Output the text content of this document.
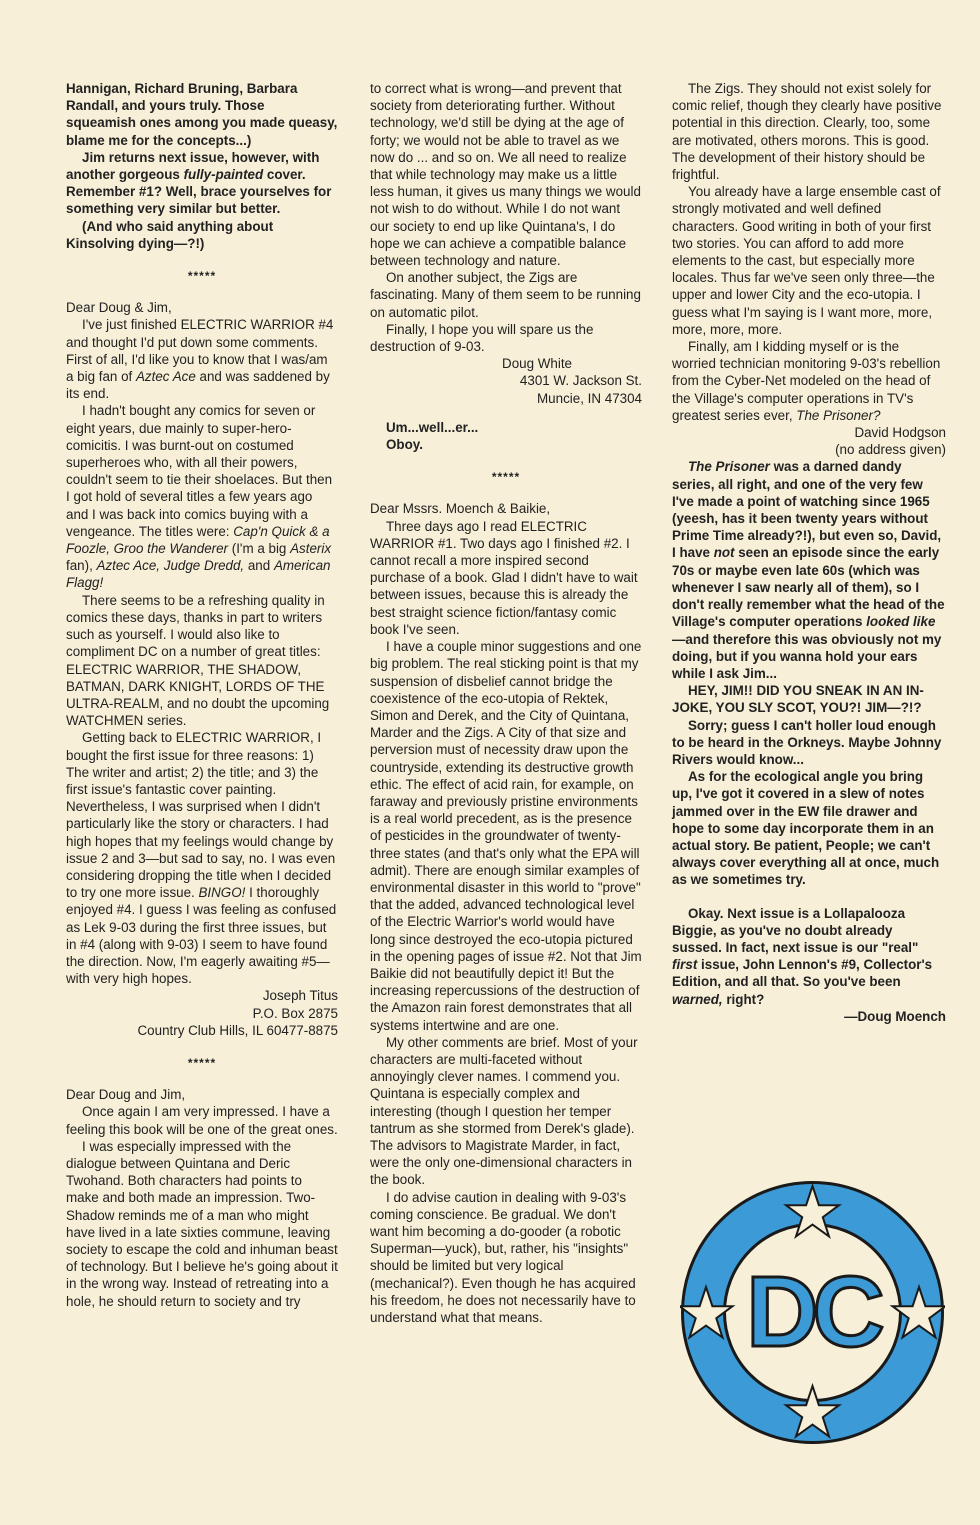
Hannigan, Richard Bruning, Barbara Randall, and yours truly. Those squeamish ones among you made queasy, blame me for the concepts...)

Jim returns next issue, however, with another gorgeous fully-painted cover. Remember #1? Well, brace yourselves for something very similar but better.

(And who said anything about Kinsolving dying—?!)

*****

Dear Doug & Jim,

I've just finished ELECTRIC WARRIOR #4 and thought I'd put down some comments. First of all, I'd like you to know that I was/am a big fan of Aztec Ace and was saddened by its end.

I hadn't bought any comics for seven or eight years, due mainly to super-hero-comicitis. I was burnt-out on costumed superheroes who, with all their powers, couldn't seem to tie their shoelaces. But then I got hold of several titles a few years ago and I was back into comics buying with a vengeance. The titles were: Cap'n Quick & a Foozle, Groo the Wanderer (I'm a big Asterix fan), Aztec Ace, Judge Dredd, and American Flagg!

There seems to be a refreshing quality in comics these days, thanks in part to writers such as yourself. I would also like to compliment DC on a number of great titles: ELECTRIC WARRIOR, THE SHADOW, BATMAN, DARK KNIGHT, LORDS OF THE ULTRA-REALM, and no doubt the upcoming WATCHMEN series.

Getting back to ELECTRIC WARRIOR, I bought the first issue for three reasons: 1) The writer and artist; 2) the title; and 3) the first issue's fantastic cover painting. Nevertheless, I was surprised when I didn't particularly like the story or characters. I had high hopes that my feelings would change by issue 2 and 3—but sad to say, no. I was even considering dropping the title when I decided to try one more issue. BINGO! I thoroughly enjoyed #4. I guess I was feeling as confused as Lek 9-03 during the first three issues, but in #4 (along with 9-03) I seem to have found the direction. Now, I'm eagerly awaiting #5—with very high hopes.

Joseph Titus

P.O. Box 2875

Country Club Hills, IL 60477-8875

*****

Dear Doug and Jim,

Once again I am very impressed. I have a feeling this book will be one of the great ones.

I was especially impressed with the dialogue between Quintana and Deric Twohand. Both characters had points to make and both made an impression. Two-Shadow reminds me of a man who might have lived in a late sixties commune, leaving society to escape the cold and inhuman beast of technology. But I believe he's going about it in the wrong way. Instead of retreating into a hole, he should return to society and try

to correct what is wrong—and prevent that society from deteriorating further. Without technology, we'd still be dying at the age of forty; we would not be able to travel as we now do ... and so on. We all need to realize that while technology may make us a little less human, it gives us many things we would not wish to do without. While I do not want our society to end up like Quintana's, I do hope we can achieve a compatible balance between technology and nature.

On another subject, the Zigs are fascinating. Many of them seem to be running on automatic pilot.

Finally, I hope you will spare us the destruction of 9-03.

Doug White

4301 W. Jackson St.

Muncie, IN 47304

Um...well...er...

Oboy.

*****

Dear Mssrs. Moench & Baikie,

Three days ago I read ELECTRIC WARRIOR #1. Two days ago I finished #2. I cannot recall a more inspired second purchase of a book. Glad I didn't have to wait between issues, because this is already the best straight science fiction/fantasy comic book I've seen.

I have a couple minor suggestions and one big problem. The real sticking point is that my suspension of disbelief cannot bridge the coexistence of the eco-utopia of Rektek, Simon and Derek, and the City of Quintana, Marder and the Zigs. A City of that size and perversion must of necessity draw upon the countryside, extending its destructive growth ethic. The effect of acid rain, for example, on faraway and previously pristine environments is a real world precedent, as is the presence of pesticides in the groundwater of twenty-three states (and that's only what the EPA will admit). There are enough similar examples of environmental disaster in this world to "prove" that the added, advanced technological level of the Electric Warrior's world would have long since destroyed the eco-utopia pictured in the opening pages of issue #2. Not that Jim Baikie did not beautifully depict it! But the increasing repercussions of the destruction of the Amazon rain forest demonstrates that all systems intertwine and are one.

My other comments are brief. Most of your characters are multi-faceted without annoyingly clever names. I commend you. Quintana is especially complex and interesting (though I question her temper tantrum as she stormed from Derek's glade). The advisors to Magistrate Marder, in fact, were the only one-dimensional characters in the book.

I do advise caution in dealing with 9-03's coming conscience. Be gradual. We don't want him becoming a do-gooder (a robotic Superman—yuck), but, rather, his "insights" should be limited but very logical (mechanical?). Even though he has acquired his freedom, he does not necessarily have to understand what that means.

The Zigs. They should not exist solely for comic relief, though they clearly have positive potential in this direction. Clearly, too, some are motivated, others morons. This is good. The development of their history should be frightful.

You already have a large ensemble cast of strongly motivated and well defined characters. Good writing in both of your first two stories. You can afford to add more elements to the cast, but especially more locales. Thus far we've seen only three—the upper and lower City and the eco-utopia. I guess what I'm saying is I want more, more, more, more, more.

Finally, am I kidding myself or is the worried technician monitoring 9-03's rebellion from the Cyber-Net modeled on the head of the Village's computer operations in TV's greatest series ever, The Prisoner?

David Hodgson

(no address given)

The Prisoner was a darned dandy series, all right, and one of the very few I've made a point of watching since 1965 (yeesh, has it been twenty years without Prime Time already?!), but even so, David, I have not seen an episode since the early 70s or maybe even late 60s (which was whenever I saw nearly all of them), so I don't really remember what the head of the Village's computer operations looked like—and therefore this was obviously not my doing, but if you wanna hold your ears while I ask Jim...

HEY, JIM!! DID YOU SNEAK IN AN IN-JOKE, YOU SLY SCOT, YOU?! JIM—?!?

Sorry; guess I can't holler loud enough to be heard in the Orkneys. Maybe Johnny Rivers would know...

As for the ecological angle you bring up, I've got it covered in a slew of notes jammed over in the EW file drawer and hope to some day incorporate them in an actual story. Be patient, People; we can't always cover everything all at once, much as we sometimes try.

Okay. Next issue is a Lollapalooza Biggie, as you've no doubt already sussed. In fact, next issue is our "real" first issue, John Lennon's #9, Collector's Edition, and all that. So you've been warned, right?

—Doug Moench

DC
